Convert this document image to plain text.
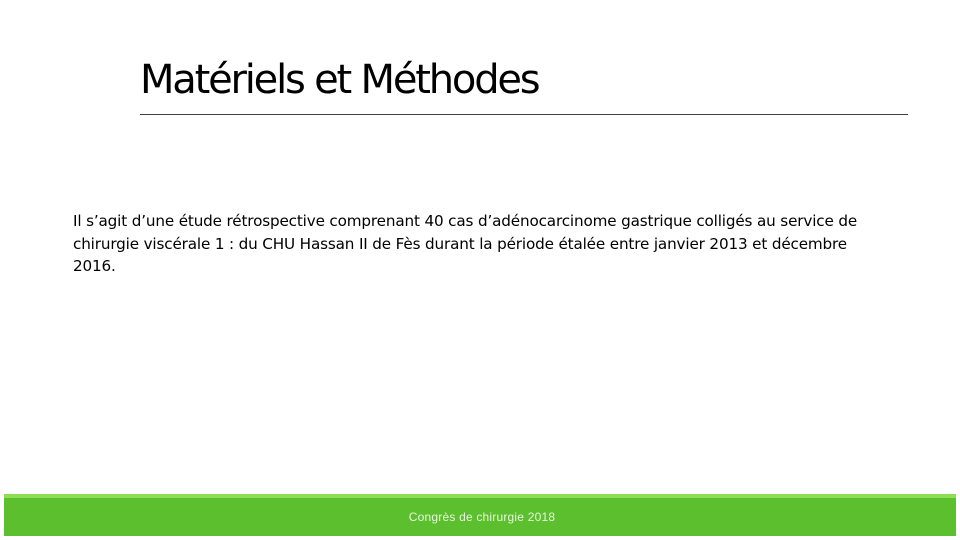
Matériels et Méthodes

Il s’agit d’une étude rétrospective comprenant 40 cas d’adénocarcinome gastrique colligés au service de chirurgie viscérale 1 : du CHU Hassan II de Fès durant la période étalée entre janvier 2013 et décembre 2016.

Congrès de chirurgie 2018
